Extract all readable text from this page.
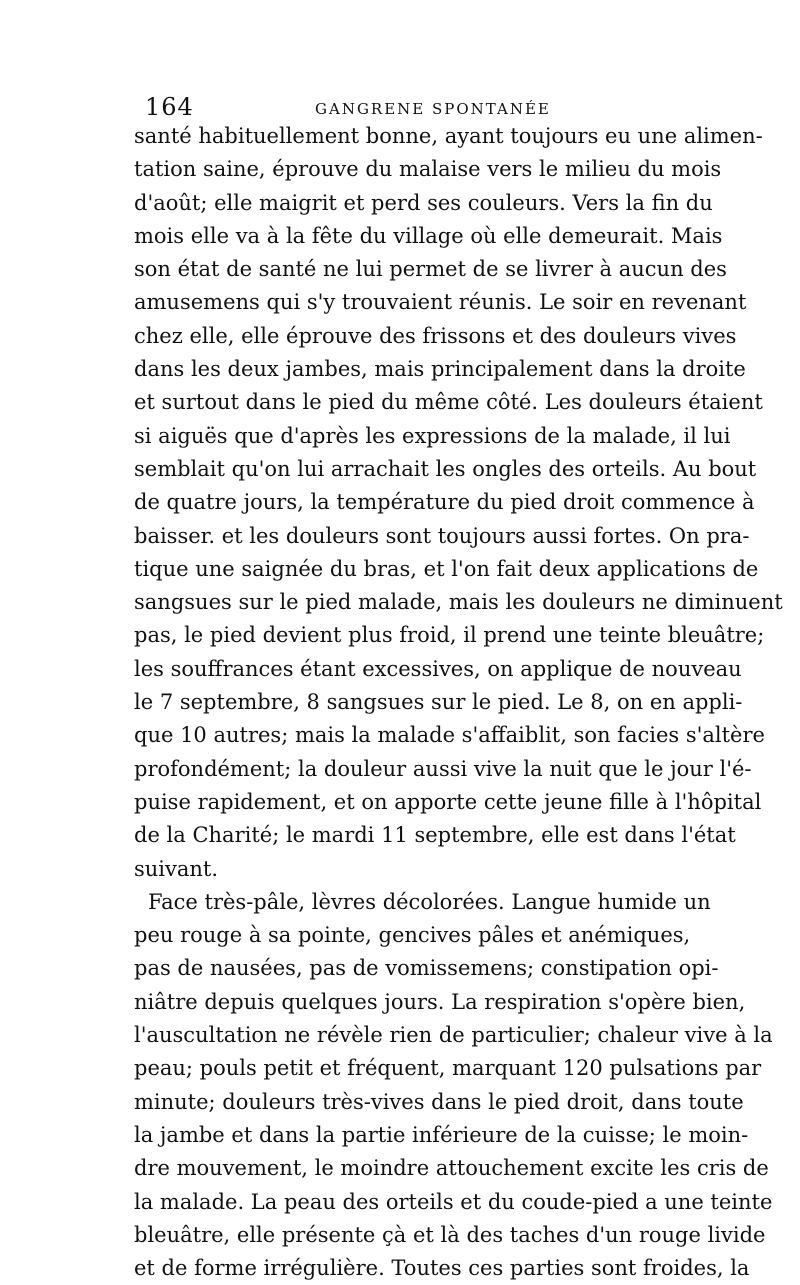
164	GANGRENE SPONTANÉE
santé habituellement bonne, ayant toujours eu une alimen-
tation saine, éprouve du malaise vers le milieu du mois
d'août; elle maigrit et perd ses couleurs. Vers la fin du
mois elle va à la fête du village où elle demeurait. Mais
son état de santé ne lui permet de se livrer à aucun des
amusemens qui s'y trouvaient réunis. Le soir en revenant
chez elle, elle éprouve des frissons et des douleurs vives
dans les deux jambes, mais principalement dans la droite
et surtout dans le pied du même côté. Les douleurs étaient
si aiguës que d'après les expressions de la malade, il lui
semblait qu'on lui arrachait les ongles des orteils. Au bout
de quatre jours, la température du pied droit commence à
baisser. et les douleurs sont toujours aussi fortes. On pra-
tique une saignée du bras, et l'on fait deux applications de
sangsues sur le pied malade, mais les douleurs ne diminuent
pas, le pied devient plus froid, il prend une teinte bleuâtre;
les souffrances étant excessives, on applique de nouveau
le 7 septembre, 8 sangsues sur le pied. Le 8, on en appli-
que 10 autres; mais la malade s'affaiblit, son facies s'altère
profondément; la douleur aussi vive la nuit que le jour l'é-
puise rapidement, et on apporte cette jeune fille à l'hôpital
de la Charité; le mardi 11 septembre, elle est dans l'état
suivant.
Face très-pâle, lèvres décolorées. Langue humide un
peu rouge à sa pointe, gencives pâles et anémiques,
pas de nausées, pas de vomissemens; constipation opi-
niâtre depuis quelques jours. La respiration s'opère bien,
l'auscultation ne révèle rien de particulier; chaleur vive à la
peau; pouls petit et fréquent, marquant 120 pulsations par
minute; douleurs très-vives dans le pied droit, dans toute
la jambe et dans la partie inférieure de la cuisse; le moin-
dre mouvement, le moindre attouchement excite les cris de
la malade. La peau des orteils et du coude-pied a une teinte
bleuâtre, elle présente çà et là des taches d'un rouge livide
et de forme irrégulière. Toutes ces parties sont froides, la
